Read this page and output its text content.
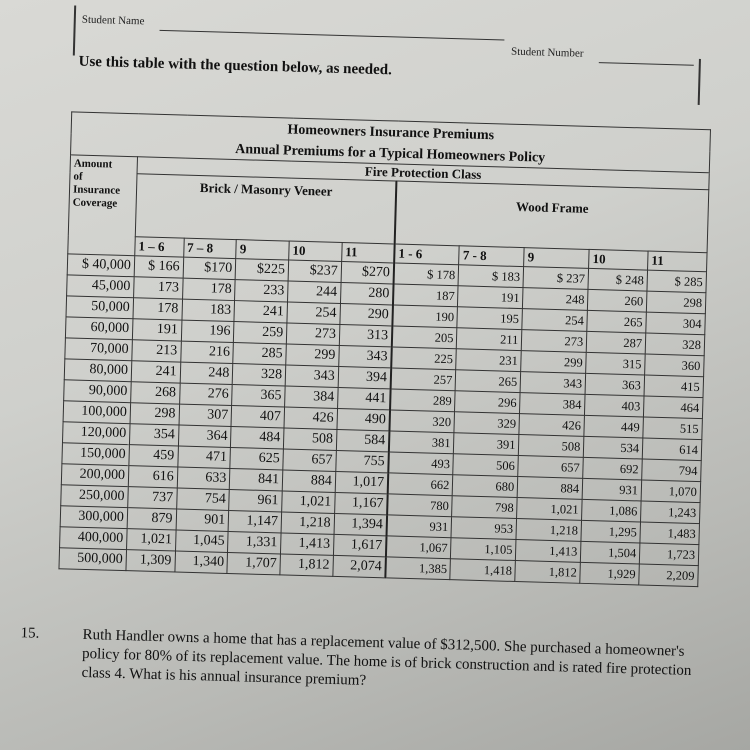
Student Name
Student Number
Use this table with the question below, as needed.
Homeowners Insurance Premiums										
Annual Premiums for a Typical Homeowners Policy										

Amount
of
Insurance
Coverage	Fire Protection Class									
	Brick / Masonry Veneer					Wood Frame				
	1 – 6	7 – 8	9	10	11	1 - 6	7 - 8	9	10	11
$ 40,000	$ 166	$170	$225	$237	$270	$ 178	$ 183	$ 237	$ 248	$ 285
45,000	173	178	233	244	280	187	191	248	260	298
50,000	178	183	241	254	290	190	195	254	265	304
60,000	191	196	259	273	313	205	211	273	287	328
70,000	213	216	285	299	343	225	231	299	315	360
80,000	241	248	328	343	394	257	265	343	363	415
90,000	268	276	365	384	441	289	296	384	403	464
100,000	298	307	407	426	490	320	329	426	449	515
120,000	354	364	484	508	584	381	391	508	534	614
150,000	459	471	625	657	755	493	506	657	692	794
200,000	616	633	841	884	1,017	662	680	884	931	1,070
250,000	737	754	961	1,021	1,167	780	798	1,021	1,086	1,243
300,000	879	901	1,147	1,218	1,394	931	953	1,218	1,295	1,483
400,000	1,021	1,045	1,331	1,413	1,617	1,067	1,105	1,413	1,504	1,723
500,000	1,309	1,340	1,707	1,812	2,074	1,385	1,418	1,812	1,929	2,209
15.	Ruth Handler owns a home that has a replacement value of $312,500. She purchased a homeowner's policy for 80% of its replacement value. The home is of brick construction and is rated fire protection class 4. What is his annual insurance premium?
